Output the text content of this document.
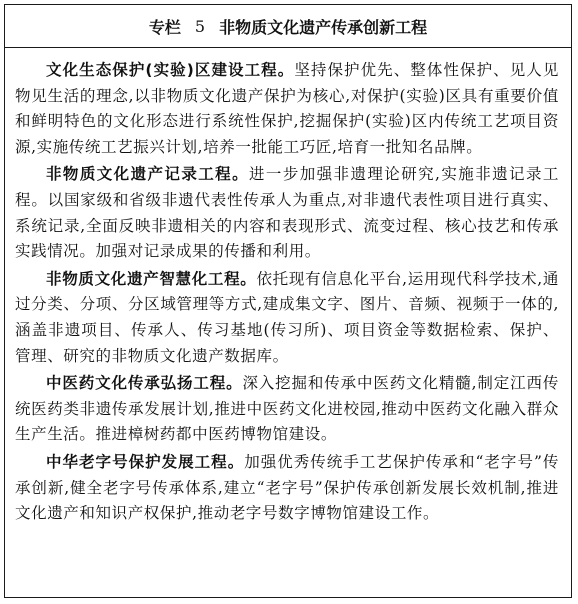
专栏 5 非物质文化遗产传承创新工程

文化生态保护(实验)区建设工程。坚持保护优先、整体性保护、见人见物见生活的理念,以非物质文化遗产保护为核心,对保护(实验)区具有重要价值和鲜明特色的文化形态进行系统性保护,挖掘保护(实验)区内传统工艺项目资源,实施传统工艺振兴计划,培养一批能工巧匠,培育一批知名品牌。

非物质文化遗产记录工程。进一步加强非遗理论研究,实施非遗记录工程。以国家级和省级非遗代表性传承人为重点,对非遗代表性项目进行真实、系统记录,全面反映非遗相关的内容和表现形式、流变过程、核心技艺和传承实践情况。加强对记录成果的传播和利用。

非物质文化遗产智慧化工程。依托现有信息化平台,运用现代科学技术,通过分类、分项、分区域管理等方式,建成集文字、图片、音频、视频于一体的,涵盖非遗项目、传承人、传习基地(传习所)、项目资金等数据检索、保护、管理、研究的非物质文化遗产数据库。

中医药文化传承弘扬工程。深入挖掘和传承中医药文化精髓,制定江西传统医药类非遗传承发展计划,推进中医药文化进校园,推动中医药文化融入群众生产生活。推进樟树药都中医药博物馆建设。

中华老字号保护发展工程。加强优秀传统手工艺保护传承和“老字号”传承创新,健全老字号传承体系,建立“老字号”保护传承创新发展长效机制,推进文化遗产和知识产权保护,推动老字号数字博物馆建设工作。
